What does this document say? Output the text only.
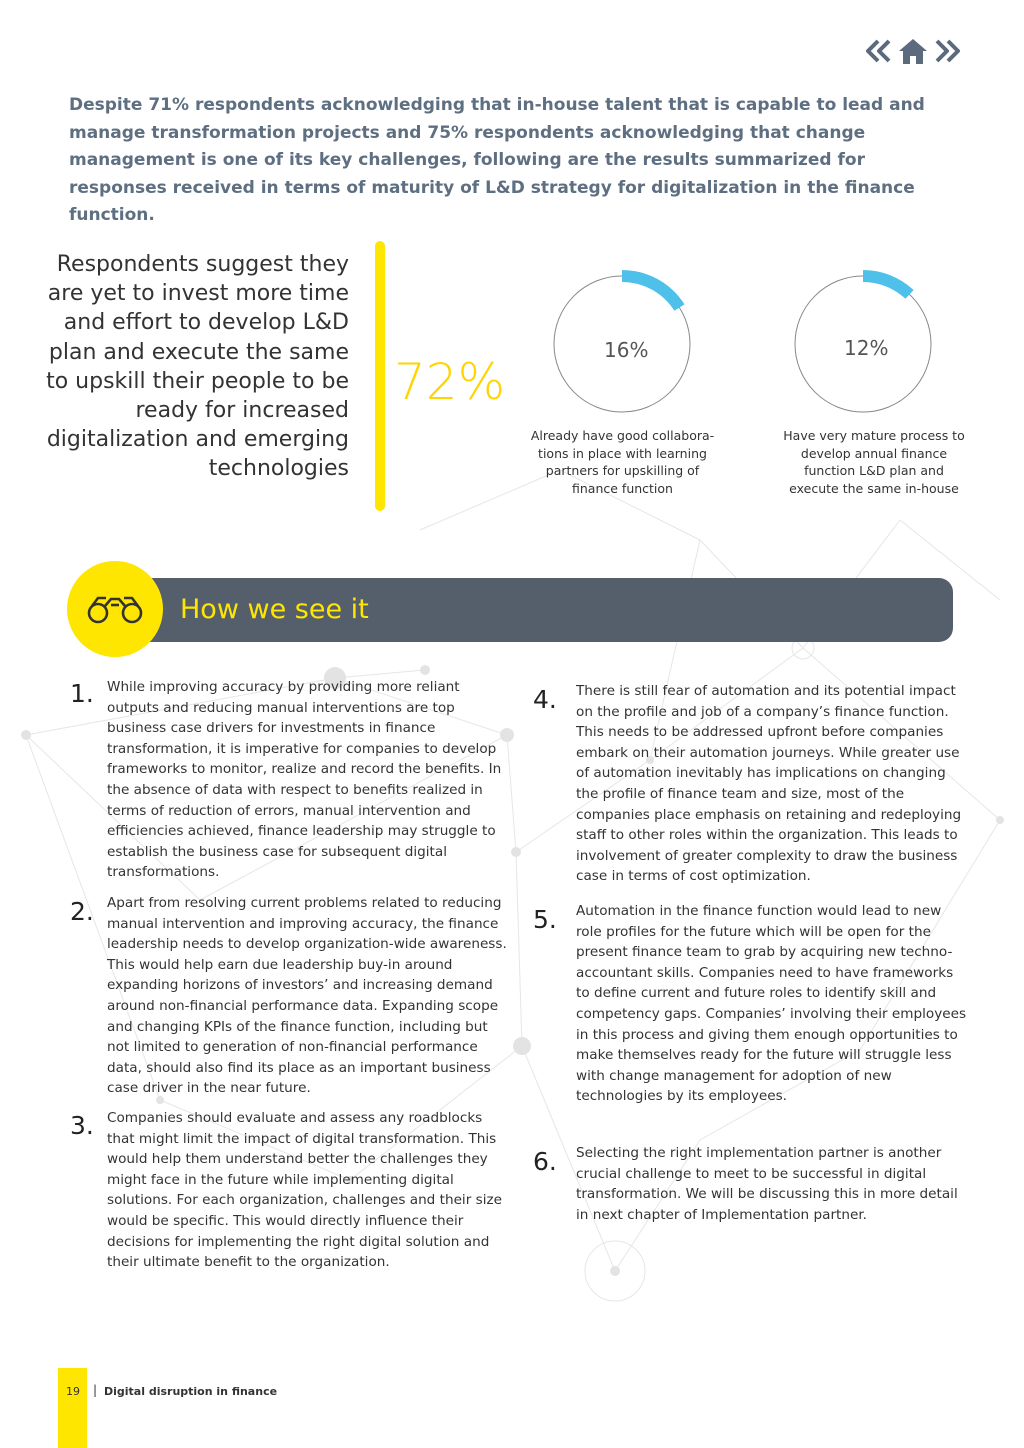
Despite 71% respondents acknowledging that in-house talent that is capable to lead and manage transformation projects and 75% respondents acknowledging that change management is one of its key challenges, following are the results summarized for responses received in terms of maturity of L&D strategy for digitalization in the finance function.

Respondents suggest they are yet to invest more time and effort to develop L&D plan and execute the same to upskill their people to be ready for increased digitalization and emerging technologies

72%
16%

Already have good collabora-tions in place with learning partners for upskilling of finance function

12%

Have very mature process to develop annual finance function L&D plan and execute the same in-house

How we see it
1. While improving accuracy by providing more reliant outputs and reducing manual interventions are top business case drivers for investments in finance transformation, it is imperative for companies to develop frameworks to monitor, realize and record the benefits. In the absence of data with respect to benefits realized in terms of reduction of errors, manual intervention and efficiencies achieved, finance leadership may struggle to establish the business case for subsequent digital transformations.

2. Apart from resolving current problems related to reducing manual intervention and improving accuracy, the finance leadership needs to develop organization-wide awareness. This would help earn due leadership buy-in around expanding horizons of investors’ and increasing demand around non-financial performance data. Expanding scope and changing KPIs of the finance function, including but not limited to generation of non-financial performance data, should also find its place as an important business case driver in the near future.

3. Companies should evaluate and assess any roadblocks that might limit the impact of digital transformation. This would help them understand better the challenges they might face in the future while implementing digital solutions. For each organization, challenges and their size would be specific. This would directly influence their decisions for implementing the right digital solution and their ultimate benefit to the organization.

4. There is still fear of automation and its potential impact on the profile and job of a company’s finance function. This needs to be addressed upfront before companies embark on their automation journeys. While greater use of automation inevitably has implications on changing the profile of finance team and size, most of the companies place emphasis on retaining and redeploying staff to other roles within the organization. This leads to involvement of greater complexity to draw the business case in terms of cost optimization.

5. Automation in the finance function would lead to new role profiles for the future which will be open for the present finance team to grab by acquiring new techno-accountant skills. Companies need to have frameworks to define current and future roles to identify skill and competency gaps. Companies’ involving their employees in this process and giving them enough opportunities to make themselves ready for the future will struggle less with change management for adoption of new technologies by its employees.

6. Selecting the right implementation partner is another crucial challenge to meet to be successful in digital transformation. We will be discussing this in more detail in next chapter of Implementation partner.

19 | Digital disruption in finance
